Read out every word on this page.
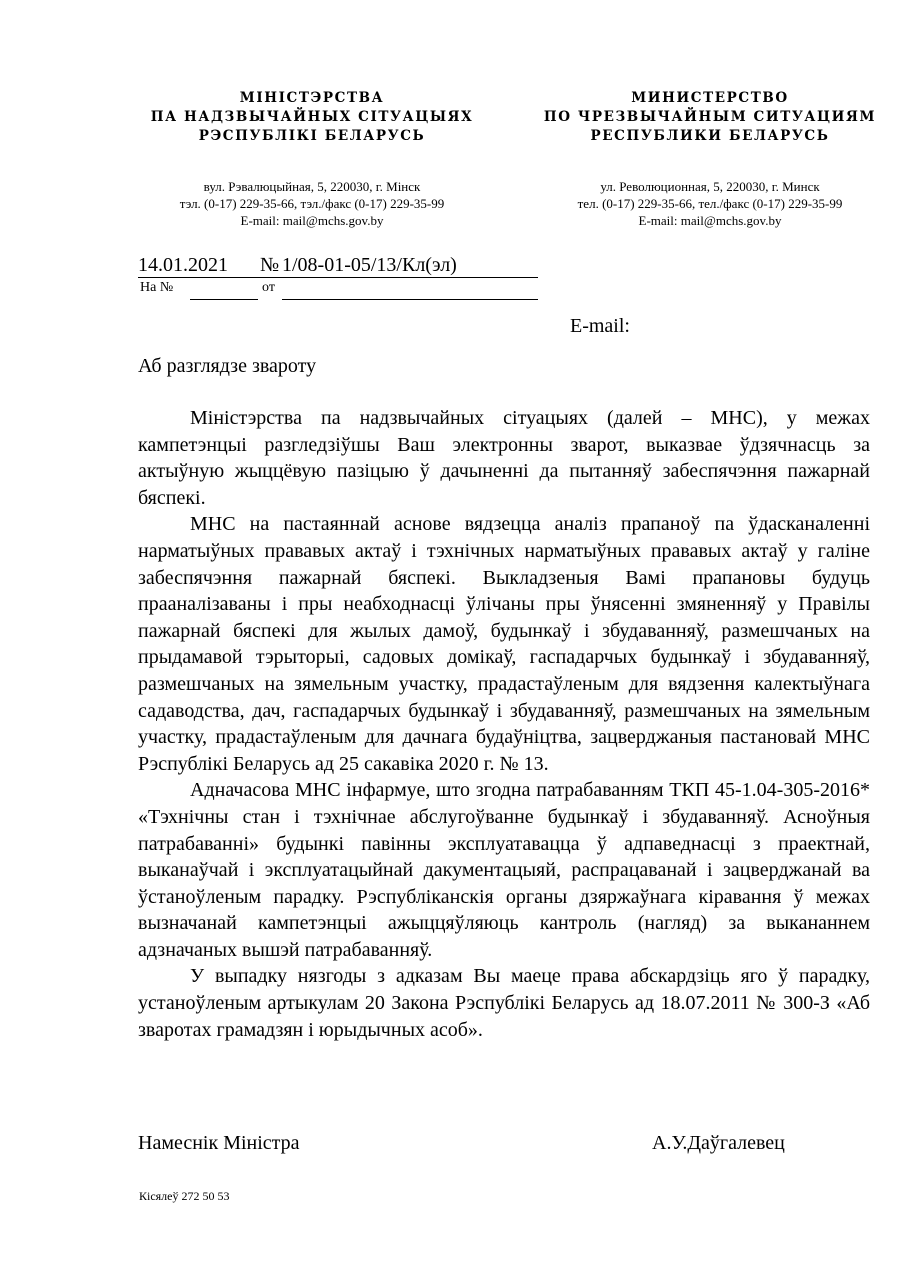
МІНІСТЭРСТВА
ПА НАДЗВЫЧАЙНЫХ СІТУАЦЫЯХ
РЭСПУБЛІКІ БЕЛАРУСЬ
вул. Рэвалюцыйная, 5, 220030, г. Мінск
тэл. (0-17) 229-35-66, тэл./факс (0-17) 229-35-99
E-mail: mail@mchs.gov.by
МИНИСТЕРСТВО
ПО ЧРЕЗВЫЧАЙНЫМ СИТУАЦИЯМ
РЕСПУБЛИКИ БЕЛАРУСЬ
ул. Революционная, 5, 220030, г. Минск
тел. (0-17) 229-35-66, тел./факс (0-17) 229-35-99
E-mail: mail@mchs.gov.by
14.01.2021 № 1/08-01-05/13/Кл(эл)
На №	от
E-mail:
Аб разглядзе звароту

Міністэрства па надзвычайных сітуацыях (далей – МНС), у межах кампетэнцыі разгледзіўшы Ваш электронны зварот, выказвае ўдзячнасць за актыўную жыццёвую пазіцыю ў дачыненні да пытанняў забеспячэння пажарнай бяспекі.

МНС на пастаяннай аснове вядзецца аналіз прапаноў па ўдасканаленні нарматыўных прававых актаў і тэхнічных нарматыўных прававых актаў у галіне забеспячэння пажарнай бяспекі. Выкладзеныя Вамі прапановы будуць прааналізаваны і пры неабходнасці ўлічаны пры ўнясенні змяненняў у Правілы пажарнай бяспекі для жылых дамоў, будынкаў і збудаванняў, размешчаных на прыдамавой тэрыторыі, садовых домікаў, гаспадарчых будынкаў і збудаванняў, размешчаных на зямельным участку, прадастаўленым для вядзення калектыўнага садаводства, дач, гаспадарчых будынкаў і збудаванняў, размешчаных на зямельным участку, прадастаўленым для дачнага будаўніцтва, зацверджаныя пастановай МНС Рэспублікі Беларусь ад 25 сакавіка 2020 г. № 13.

Адначасова МНС інфармуе, што згодна патрабаванням ТКП 45-1.04-305-2016* «Тэхнічны стан і тэхнічнае абслугоўванне будынкаў і збудаванняў. Асноўныя патрабаванні» будынкі павінны эксплуатавацца ў адпаведнасці з праектнай, выканаўчай і эксплуатацыйнай дакументацыяй, распрацаванай і зацверджанай ва ўстаноўленым парадку. Рэспубліканскія органы дзяржаўнага кіравання ў межах вызначанай кампетэнцыі ажыццяўляюць кантроль (нагляд) за выкананнем адзначаных вышэй патрабаванняў.

У выпадку нязгоды з адказам Вы маеце права абскардзіць яго ў парадку, устаноўленым артыкулам 20 Закона Рэспублікі Беларусь ад 18.07.2011 № 300-З «Аб зваротах грамадзян і юрыдычных асоб».

Намеснік Міністра	А.У.Даўгалевец
Кісялеў 272 50 53
